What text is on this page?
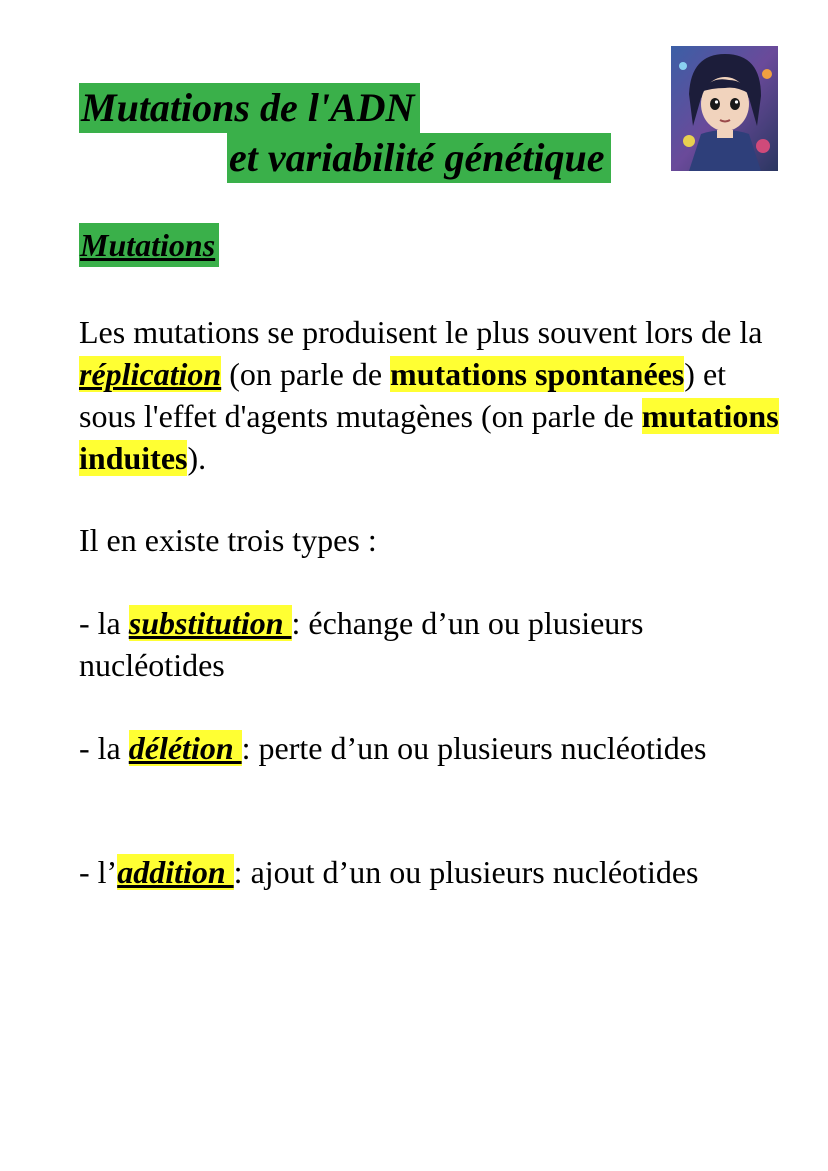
Mutations de l'ADN
et variabilité génétique
Mutations

Les mutations se produisent le plus souvent lors de la réplication (on parle de mutations spontanées) et sous l'effet d'agents mutagènes (on parle de mutations induites).

Il en existe trois types :

- la substitution : échange d’un ou plusieurs nucléotides

- la délétion : perte d’un ou plusieurs nucléotides

- l’addition : ajout d’un ou plusieurs nucléotides
